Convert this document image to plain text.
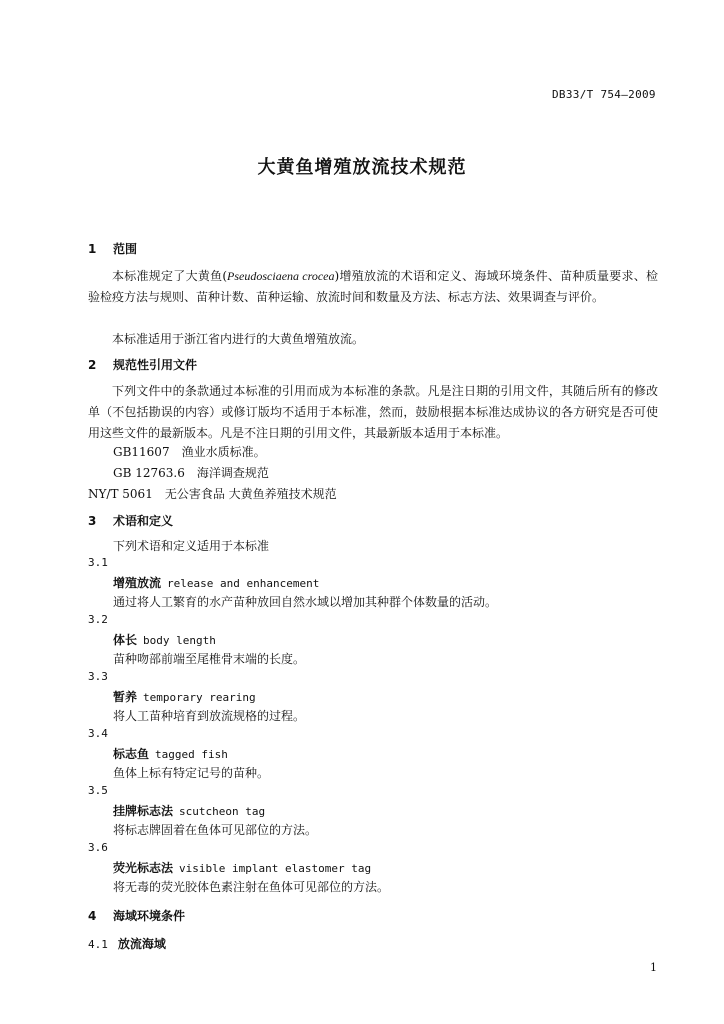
DB33/T 754—2009
大黄鱼增殖放流技术规范
1 范围
本标准规定了大黄鱼(Pseudosciaena crocea)增殖放流的术语和定义、海域环境条件、苗种质量要求、检验检疫方法与规则、苗种计数、苗种运输、放流时间和数量及方法、标志方法、效果调查与评价。
本标准适用于浙江省内进行的大黄鱼增殖放流。
2 规范性引用文件
下列文件中的条款通过本标准的引用而成为本标准的条款。凡是注日期的引用文件，其随后所有的修改单（不包括勘误的内容）或修订版均不适用于本标准，然而，鼓励根据本标准达成协议的各方研究是否可使用这些文件的最新版本。凡是不注日期的引用文件，其最新版本适用于本标准。
GB11607 渔业水质标准。
GB 12763.6 海洋调查规范
NY/T 5061 无公害食品 大黄鱼养殖技术规范
3 术语和定义
下列术语和定义适用于本标准
3.1
增殖放流 release and enhancement
通过将人工繁育的水产苗种放回自然水域以增加其种群个体数量的活动。
3.2
体长 body length
苗种吻部前端至尾椎骨末端的长度。
3.3
暂养 temporary rearing
将人工苗种培育到放流规格的过程。
3.4
标志鱼 tagged fish
鱼体上标有特定记号的苗种。
3.5
挂牌标志法 scutcheon tag
将标志牌固着在鱼体可见部位的方法。
3.6
荧光标志法 visible implant elastomer tag
将无毒的荧光胶体色素注射在鱼体可见部位的方法。
4 海域环境条件
4.1 放流海域
1
